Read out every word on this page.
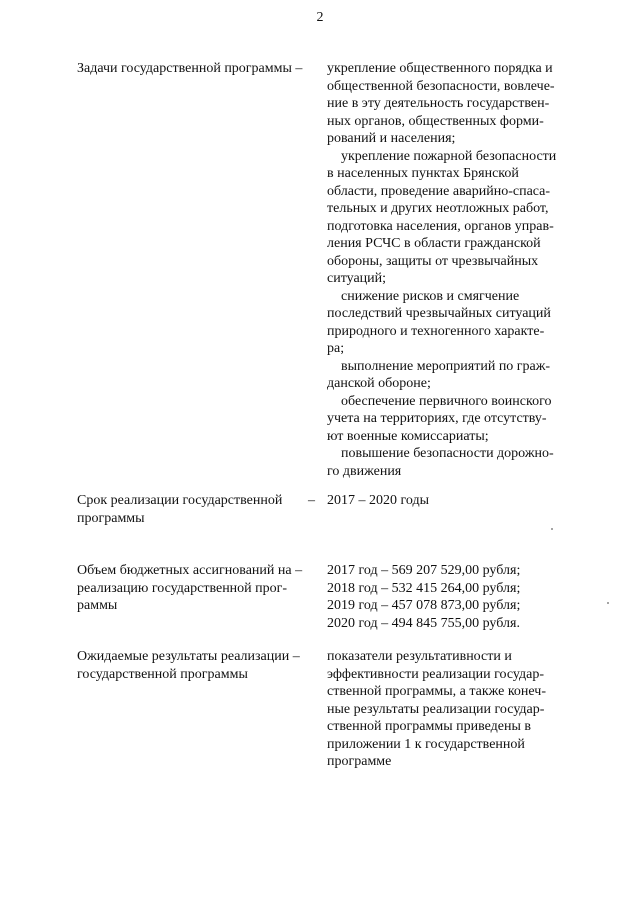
2
Задачи государственной программы –	укрепление общественного порядка и
общественной безопасности, вовлече-
ние в эту деятельность государствен-
ных органов, общественных форми-
рований и населения;
укрепление пожарной безопасности
в населенных пунктах Брянской
области, проведение аварийно-спаса-
тельных и других неотложных работ,
подготовка населения, органов управ-
ления РСЧС в области гражданской
обороны, защиты от чрезвычайных
ситуаций;
снижение рисков и смягчение
последствий чрезвычайных ситуаций
природного и техногенного характе-
ра;
выполнение мероприятий по граж-
данской обороне;
обеспечение первичного воинского
учета на территориях, где отсутству-
ют военные комиссариаты;
повышение безопасности дорожно-
го движения
Срок реализации государственной
программы
– 2017 – 2020 годы
Объем бюджетных ассигнований на –
реализацию государственной прог-
раммы
2017 год – 569 207 529,00 рубля;
2018 год – 532 415 264,00 рубля;
2019 год – 457 078 873,00 рубля;
2020 год – 494 845 755,00 рубля.
Ожидаемые результаты реализации –
государственной программы
показатели результативности и
эффективности реализации государ-
ственной программы, а также конеч-
ные результаты реализации государ-
ственной программы приведены в
приложении 1 к государственной
программе
